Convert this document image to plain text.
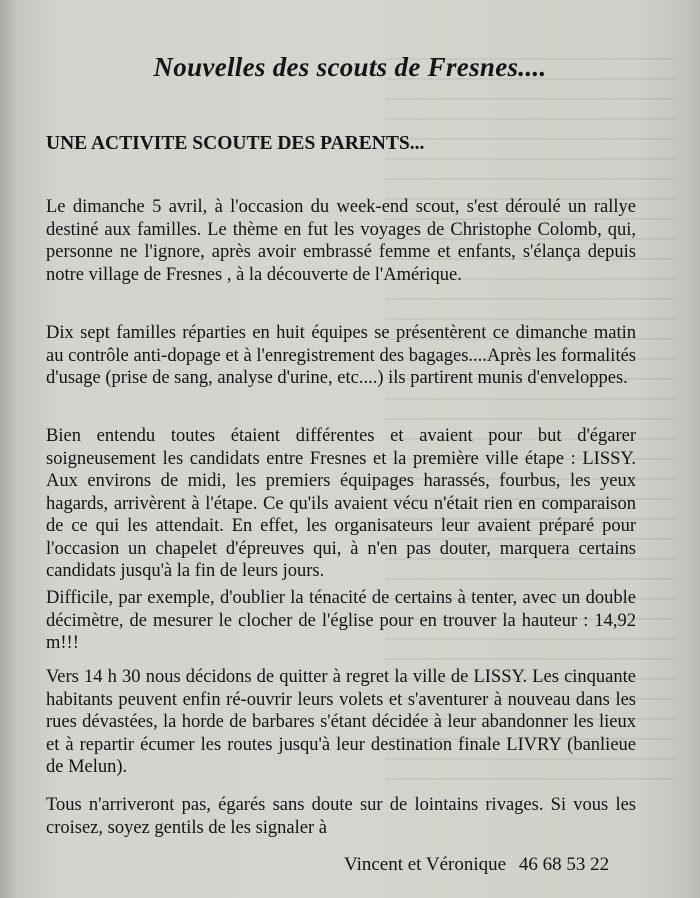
Nouvelles des scouts de Fresnes....
UNE ACTIVITE SCOUTE DES PARENTS...

Le dimanche 5 avril, à l'occasion du week-end scout, s'est déroulé un rallye destiné aux familles. Le thème en fut les voyages de Christophe Colomb, qui, personne ne l'ignore, après avoir embrassé femme et enfants, s'élança depuis notre village de Fresnes , à la découverte de l'Amérique.

Dix sept familles réparties en huit équipes se présentèrent ce dimanche matin au contrôle anti-dopage et à l'enregistrement des bagages....Après les formalités d'usage (prise de sang, analyse d'urine, etc....) ils partirent munis d'enveloppes.

Bien entendu toutes étaient différentes et avaient pour but d'égarer soigneusement les candidats entre Fresnes et la première ville étape : LISSY. Aux environs de midi, les premiers équipages harassés, fourbus, les yeux hagards, arrivèrent à l'étape. Ce qu'ils avaient vécu n'était rien en comparaison de ce qui les attendait. En effet, les organisateurs leur avaient préparé pour l'occasion un chapelet d'épreuves qui, à n'en pas douter, marquera certains candidats jusqu'à la fin de leurs jours.

Difficile, par exemple, d'oublier la ténacité de certains à tenter, avec un double décimètre, de mesurer le clocher de l'église pour en trouver la hauteur : 14,92 m!!!

Vers 14 h 30 nous décidons de quitter à regret la ville de LISSY. Les cinquante habitants peuvent enfin ré-ouvrir leurs volets et s'aventurer à nouveau dans les rues dévastées, la horde de barbares s'étant décidée à leur abandonner les lieux et à repartir écumer les routes jusqu'à leur destination finale LIVRY (banlieue de Melun).

Tous n'arriveront pas, égarés sans doute sur de lointains rivages. Si vous les croisez, soyez gentils de les signaler à

Vincent et Véronique 46 68 53 22
